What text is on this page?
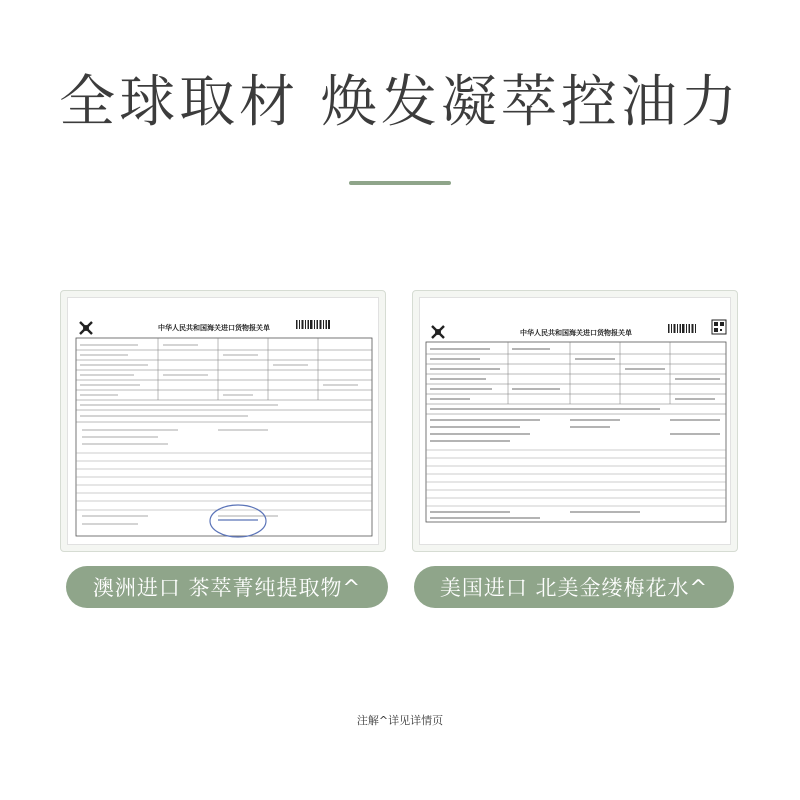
全球取材 焕发凝萃控油力
中华人民共和国海关进口货物报关单
中华人民共和国海关进口货物报关单
澳洲进口 茶萃菁纯提取物^	美国进口 北美金缕梅花水^
注解^详见详情页
